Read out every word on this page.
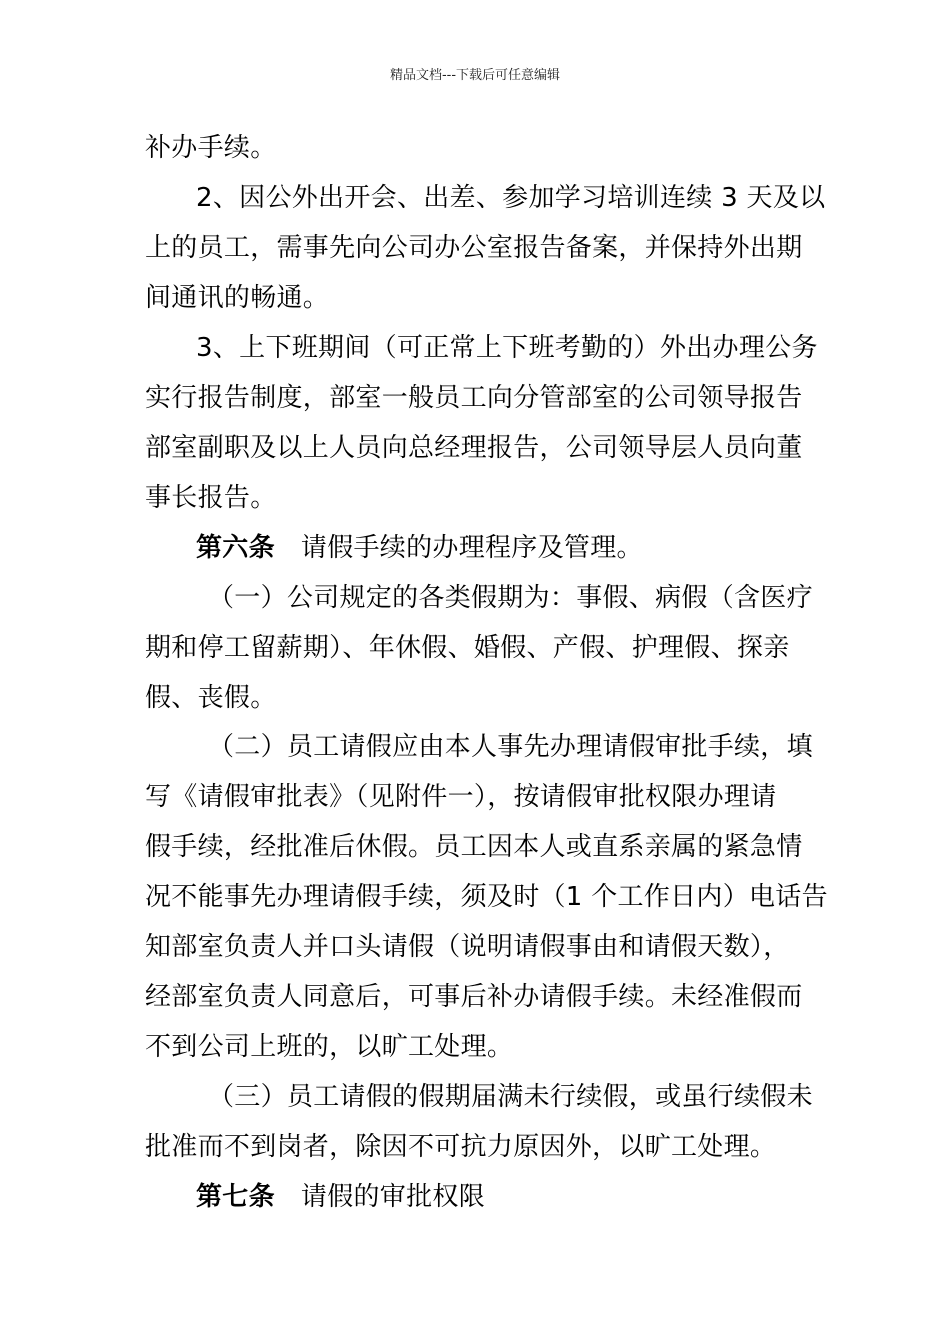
精品文档---下载后可任意编辑
补办手续。
2、因公外出开会、出差、参加学习培训连续 3 天及以
上的员工，需事先向公司办公室报告备案，并保持外出期
间通讯的畅通。
3、上下班期间（可正常上下班考勤的）外出办理公务
实行报告制度，部室一般员工向分管部室的公司领导报告
部室副职及以上人员向总经理报告，公司领导层人员向董
事长报告。
第六条 请假手续的办理程序及管理。
（一）公司规定的各类假期为：事假、病假（含医疗
期和停工留薪期）、年休假、婚假、产假、护理假、探亲
假、丧假。
（二）员工请假应由本人事先办理请假审批手续，填
写《请假审批表》（见附件一），按请假审批权限办理请
假手续，经批准后休假。员工因本人或直系亲属的紧急情
况不能事先办理请假手续，须及时（1 个工作日内）电话告
知部室负责人并口头请假（说明请假事由和请假天数），
经部室负责人同意后，可事后补办请假手续。未经准假而
不到公司上班的，以旷工处理。
（三）员工请假的假期届满未行续假，或虽行续假未
批准而不到岗者，除因不可抗力原因外，以旷工处理。
第七条 请假的审批权限
